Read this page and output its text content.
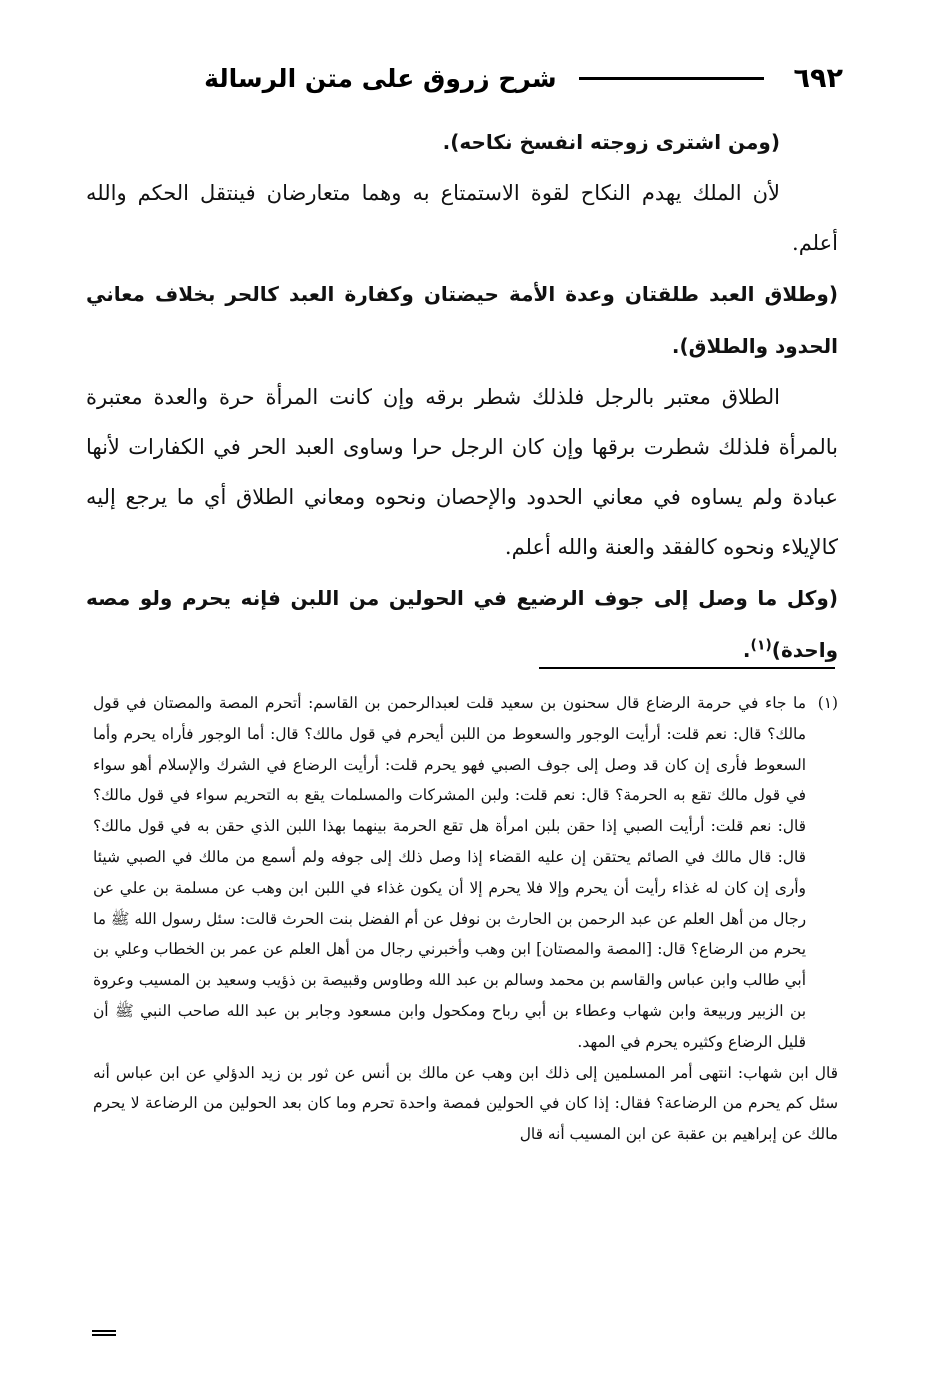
٦٩٢
شرح زروق على متن الرسالة

(ومن اشترى زوجته انفسخ نكاحه).

لأن الملك يهدم النكاح لقوة الاستمتاع به وهما متعارضان فينتقل الحكم والله أعلم.

(وطلاق العبد طلقتان وعدة الأمة حيضتان وكفارة العبد كالحر بخلاف معاني الحدود والطلاق).

الطلاق معتبر بالرجل فلذلك شطر برقه وإن كانت المرأة حرة والعدة معتبرة بالمرأة فلذلك شطرت برقها وإن كان الرجل حرا وساوى العبد الحر في الكفارات لأنها عبادة ولم يساوه في معاني الحدود والإحصان ونحوه ومعاني الطلاق أي ما يرجع إليه كالإيلاء ونحوه كالفقد والعنة والله أعلم.

(وكل ما وصل إلى جوف الرضيع في الحولين من اللبن فإنه يحرم ولو مصه واحدة)$^{(١)}$.

(١)ما جاء في حرمة الرضاع قال سحنون بن سعيد قلت لعبدالرحمن بن القاسم: أتحرم المصة والمصتان في قول مالك؟ قال: نعم قلت: أرأيت الوجور والسعوط من اللبن أيحرم في قول مالك؟ قال: أما الوجور فأراه يحرم وأما السعوط فأرى إن كان قد وصل إلى جوف الصبي فهو يحرم قلت: أرأيت الرضاع في الشرك والإسلام أهو سواء في قول مالك تقع به الحرمة؟ قال: نعم قلت: ولبن المشركات والمسلمات يقع به التحريم سواء في قول مالك؟ قال: نعم قلت: أرأيت الصبي إذا حقن بلبن امرأة هل تقع الحرمة بينهما بهذا اللبن الذي حقن به في قول مالك؟ قال: قال مالك في الصائم يحتقن إن عليه القضاء إذا وصل ذلك إلى جوفه ولم أسمع من مالك في الصبي شيئا وأرى إن كان له غذاء رأيت أن يحرم وإلا فلا يحرم إلا أن يكون غذاء في اللبن ابن وهب عن مسلمة بن علي عن رجال من أهل العلم عن عبد الرحمن بن الحارث بن نوفل عن أم الفضل بنت الحرث قالت: سئل رسول الله ﷺ ما يحرم من الرضاع؟ قال: [المصة والمصتان] ابن وهب وأخبرني رجال من أهل العلم عن عمر بن الخطاب وعلي بن أبي طالب وابن عباس والقاسم بن محمد وسالم بن عبد الله وطاوس وقبيصة بن ذؤيب وسعيد بن المسيب وعروة بن الزبير وربيعة وابن شهاب وعطاء بن أبي رباح ومكحول وابن مسعود وجابر بن عبد الله صاحب النبي ﷺ أن قليل الرضاع وكثيره يحرم في المهد.

قال ابن شهاب: انتهى أمر المسلمين إلى ذلك ابن وهب عن مالك بن أنس عن ثور بن زيد الدؤلي عن ابن عباس أنه سئل كم يحرم من الرضاعة؟ فقال: إذا كان في الحولين فمصة واحدة تحرم وما كان بعد الحولين من الرضاعة لا يحرم مالك عن إبراهيم بن عقبة عن ابن المسيب أنه قال
